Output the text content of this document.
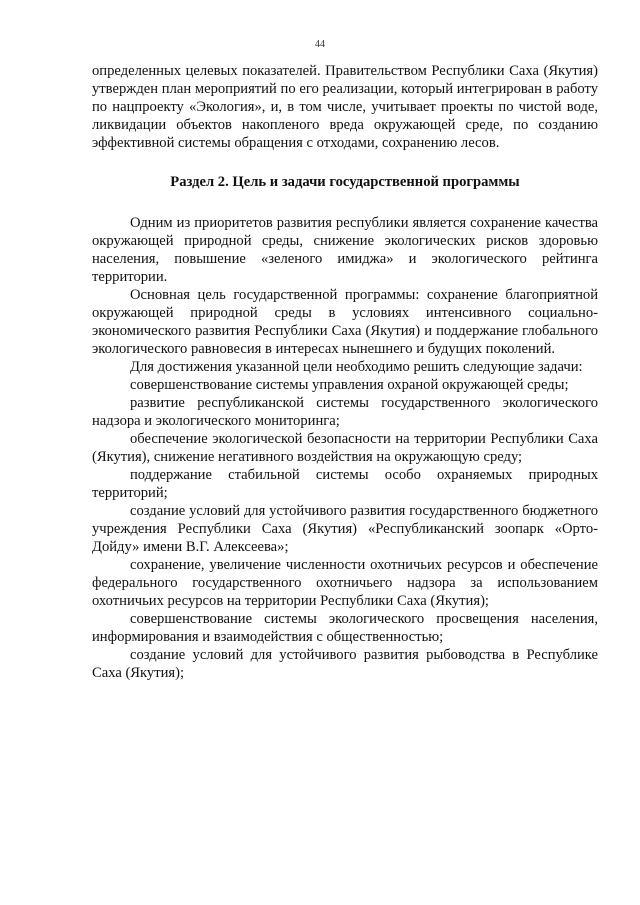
44

определенных целевых показателей. Правительством Республики Саха (Якутия) утвержден план мероприятий по его реализации, который интегрирован в работу по нацпроекту «Экология», и, в том числе, учитывает проекты по чистой воде, ликвидации объектов накопленого вреда окружающей среде, по созданию эффективной системы обращения с отходами, сохранению лесов.

Раздел 2. Цель и задачи государственной программы

Одним из приоритетов развития республики является сохранение качества окружающей природной среды, снижение экологических рисков здоровью населения, повышение «зеленого имиджа» и экологического рейтинга территории.

Основная цель государственной программы: сохранение благоприятной окружающей природной среды в условиях интенсивного социально-экономического развития Республики Саха (Якутия) и поддержание глобального экологического равновесия в интересах нынешнего и будущих поколений.

Для достижения указанной цели необходимо решить следующие задачи:

совершенствование системы управления охраной окружающей среды;

развитие республиканской системы государственного экологического надзора и экологического мониторинга;

обеспечение экологической безопасности на территории Республики Саха (Якутия), снижение негативного воздействия на окружающую среду;

поддержание стабильной системы особо охраняемых природных территорий;

создание условий для устойчивого развития государственного бюджетного учреждения Республики Саха (Якутия) «Республиканский зоопарк «Орто-Дойду» имени В.Г. Алексеева»;

сохранение, увеличение численности охотничьих ресурсов и обеспечение федерального государственного охотничьего надзора за использованием охотничьих ресурсов на территории Республики Саха (Якутия);

совершенствование системы экологического просвещения населения, информирования и взаимодействия с общественностью;

создание условий для устойчивого развития рыбоводства в Республике Саха (Якутия);
